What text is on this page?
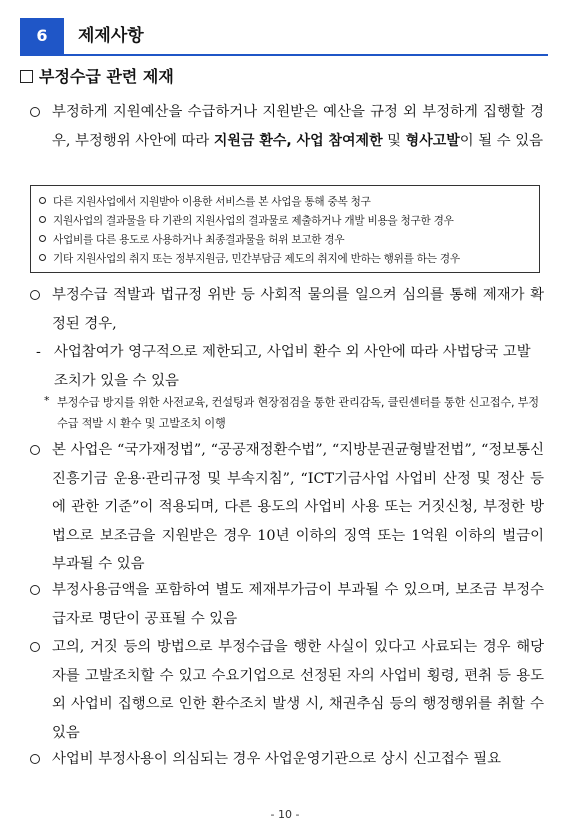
6	제제사항
부정수급 관련 제재
부정하게 지원예산을 수급하거나 지원받은 예산을 규정 외 부정하게 집행할 경우, 부정행위 사안에 따라 지원금 환수, 사업 참여제한 및 형사고발이 될 수 있음
다른 지원사업에서 지원받아 이용한 서비스를 본 사업을 통해 중복 청구
지원사업의 결과물을 타 기관의 지원사업의 결과물로 제출하거나 개발 비용을 청구한 경우
사업비를 다른 용도로 사용하거나 최종결과물을 허위 보고한 경우
기타 지원사업의 취지 또는 정부지원금, 민간부담금 제도의 취지에 반하는 행위를 하는 경우
부정수급 적발과 법규정 위반 등 사회적 물의를 일으켜 심의를 통해 제재가 확정된 경우,
- 사업참여가 영구적으로 제한되고, 사업비 환수 외 사안에 따라 사법당국 고발조치가 있을 수 있음
* 부정수급 방지를 위한 사전교육, 컨설팅과 현장점검을 통한 관리감독, 클린센터를 통한 신고접수, 부정수급 적발 시 환수 및 고발조치 이행
본 사업은 “국가재정법”, “공공재정환수법”, “지방분권균형발전법”, “정보통신진흥기금 운용·관리규정 및 부속지침”, “ICT기금사업 사업비 산정 및 정산 등에 관한 기준”이 적용되며, 다른 용도의 사업비 사용 또는 거짓신청, 부정한 방법으로 보조금을 지원받은 경우 10년 이하의 징역 또는 1억원 이하의 벌금이 부과될 수 있음
부정사용금액을 포함하여 별도 제재부가금이 부과될 수 있으며, 보조금 부정수급자로 명단이 공표될 수 있음
고의, 거짓 등의 방법으로 부정수급을 행한 사실이 있다고 사료되는 경우 해당자를 고발조치할 수 있고 수요기업으로 선정된 자의 사업비 횡령, 편취 등 용도 외 사업비 집행으로 인한 환수조치 발생 시, 채권추심 등의 행정행위를 취할 수 있음
사업비 부정사용이 의심되는 경우 사업운영기관으로 상시 신고접수 필요
- 10 -
